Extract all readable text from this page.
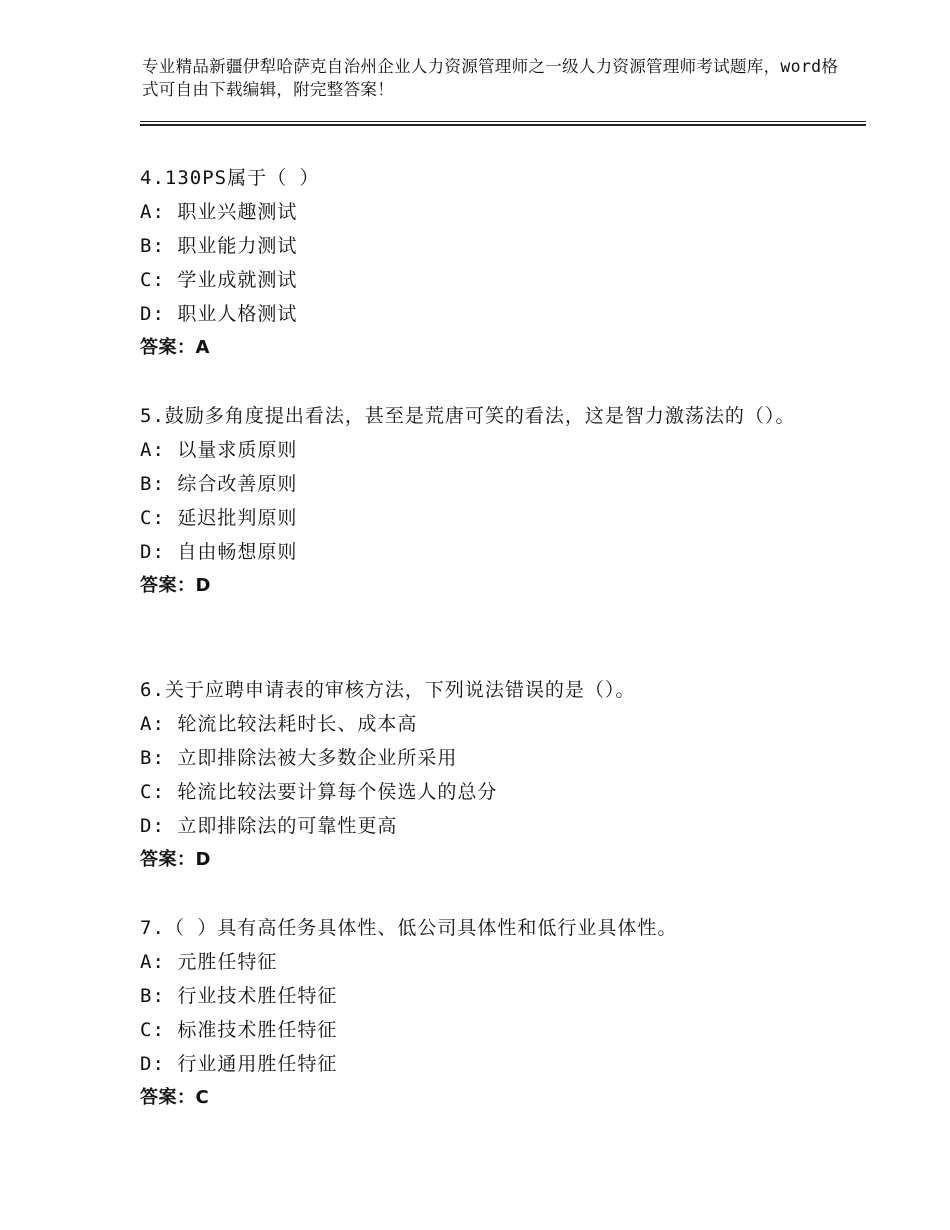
专业精品新疆伊犁哈萨克自治州企业人力资源管理师之一级人力资源管理师考试题库，word格式可自由下载编辑，附完整答案！
4.130PS属于（ ）
A: 职业兴趣测试
B: 职业能力测试
C: 学业成就测试
D: 职业人格测试
答案：A
5.鼓励多角度提出看法，甚至是荒唐可笑的看法，这是智力激荡法的（）。
A: 以量求质原则
B: 综合改善原则
C: 延迟批判原则
D: 自由畅想原则
答案：D
6.关于应聘申请表的审核方法，下列说法错误的是（）。
A: 轮流比较法耗时长、成本高
B: 立即排除法被大多数企业所采用
C: 轮流比较法要计算每个侯选人的总分
D: 立即排除法的可靠性更高
答案：D
7.（ ）具有高任务具体性、低公司具体性和低行业具体性。
A: 元胜任特征
B: 行业技术胜任特征
C: 标准技术胜任特征
D: 行业通用胜任特征
答案：C
